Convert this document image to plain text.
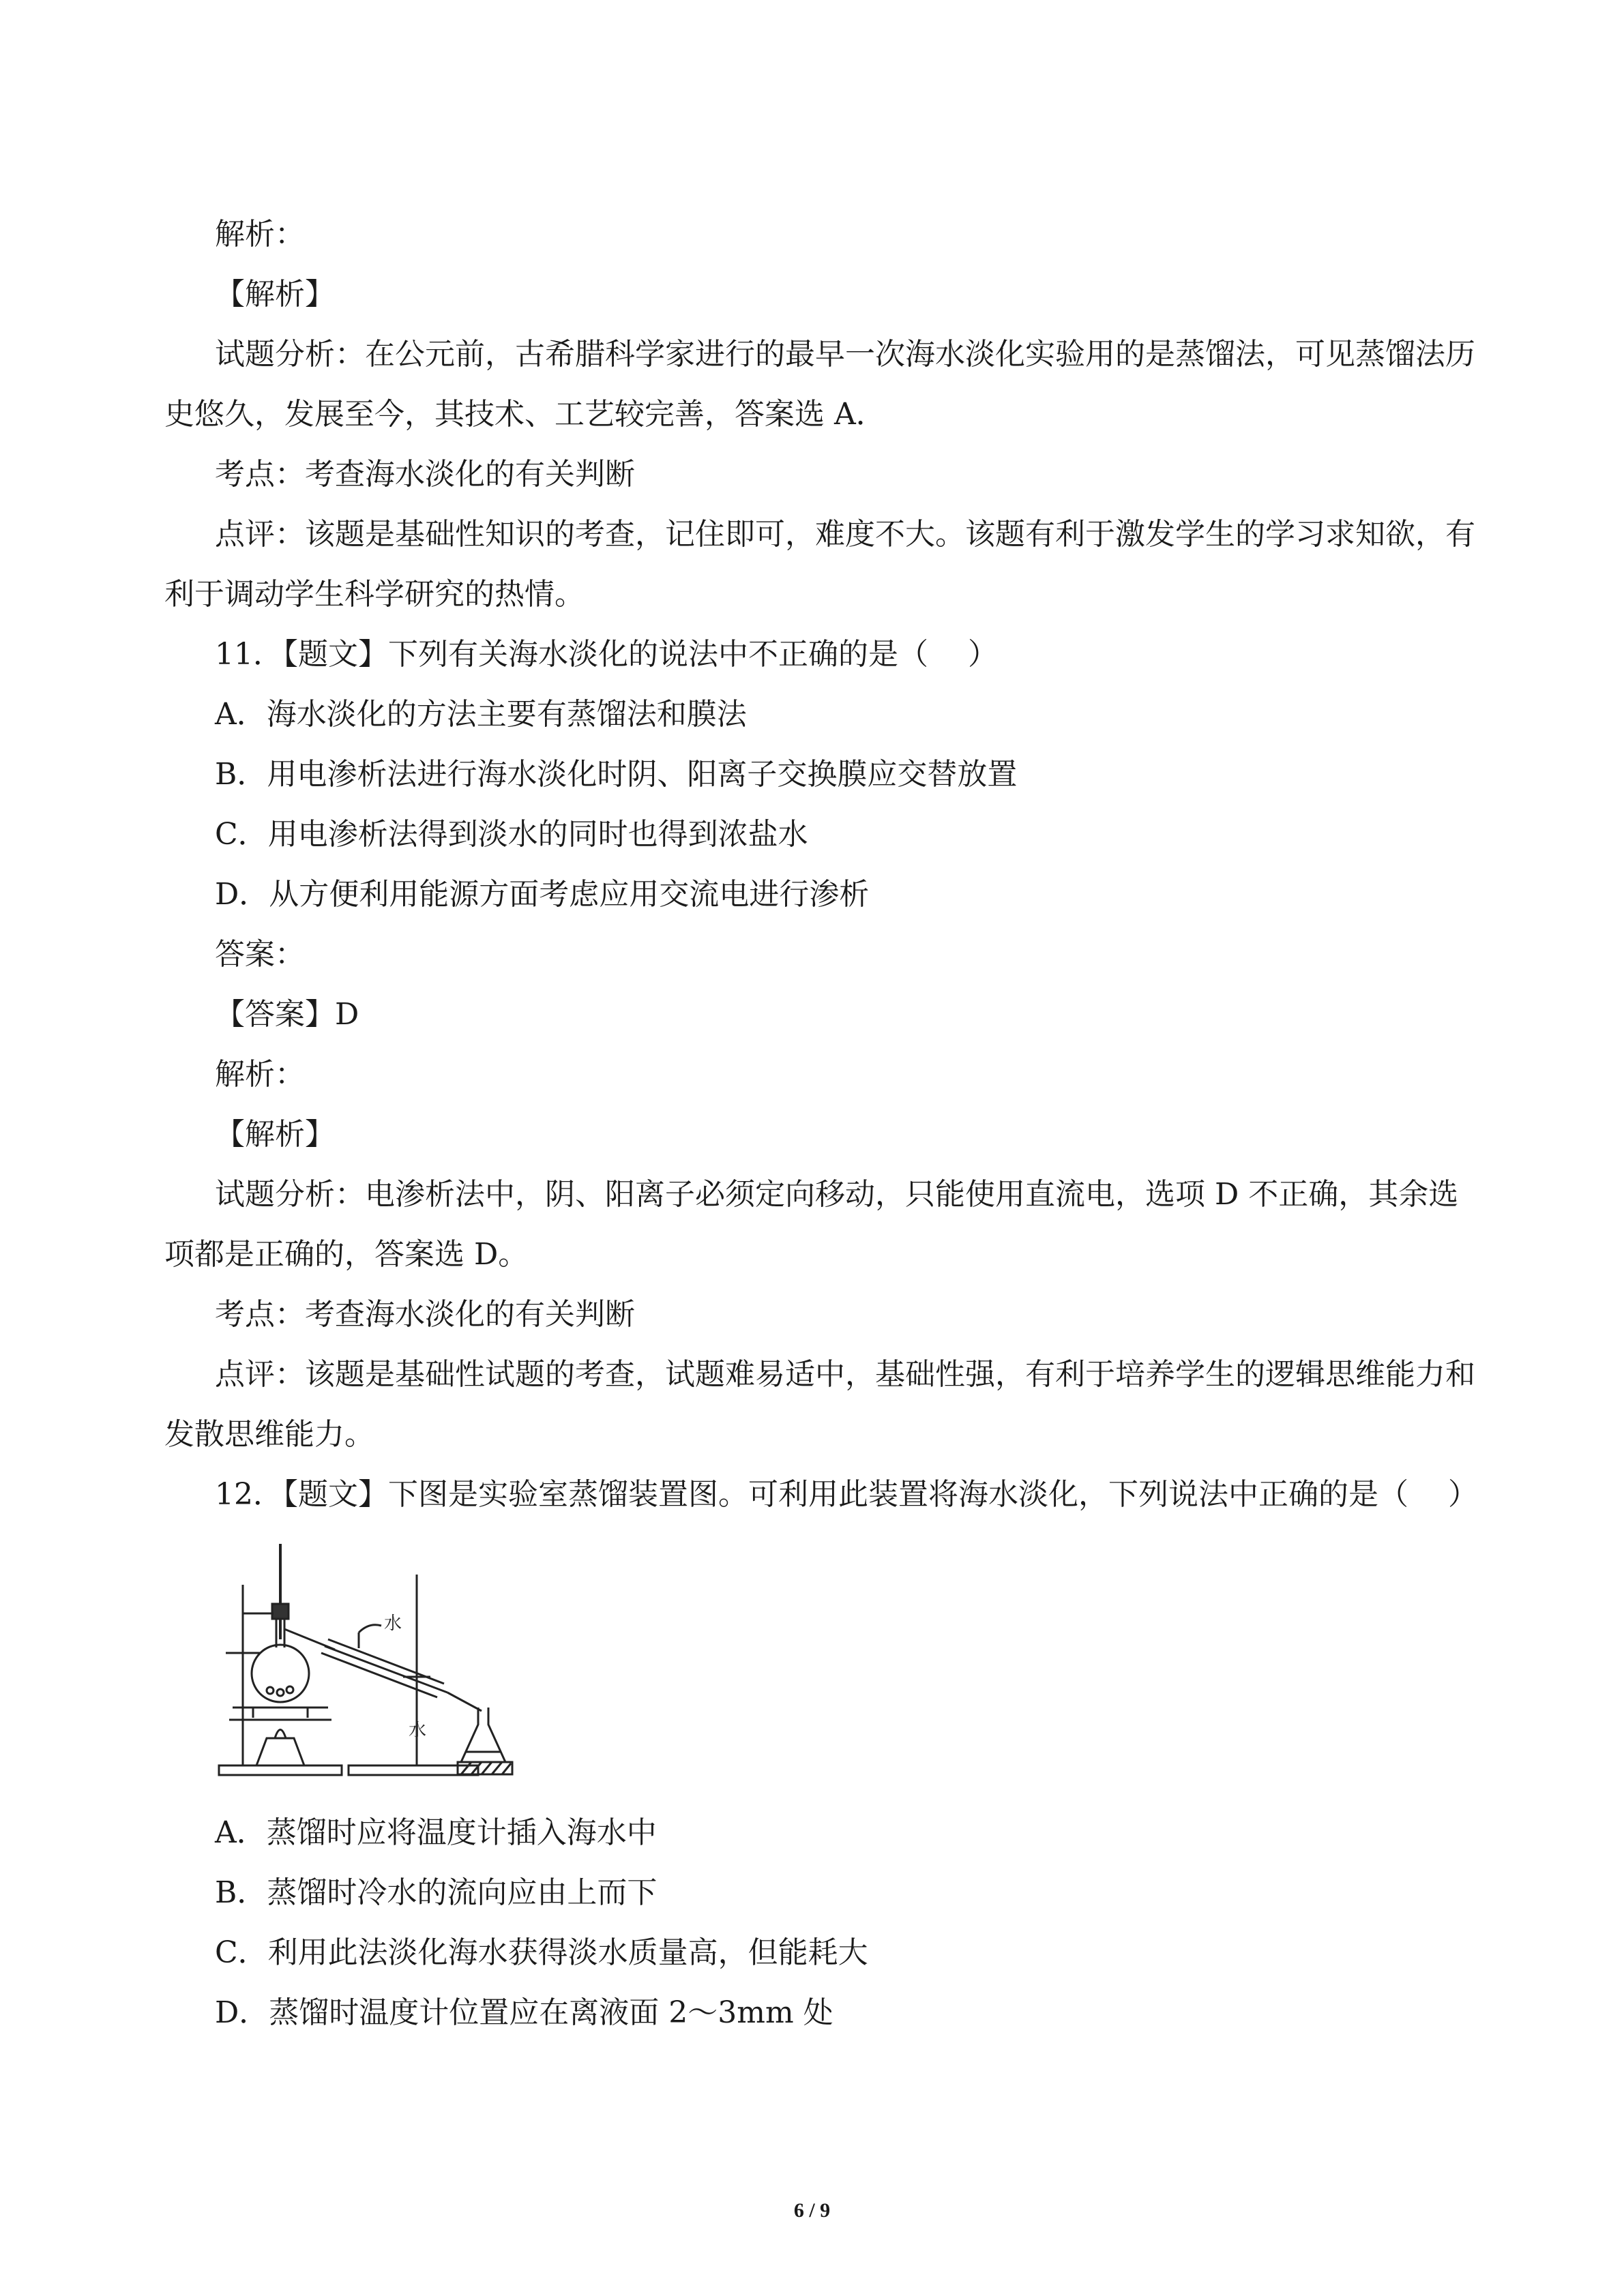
解析：

【解析】

试题分析：在公元前，古希腊科学家进行的最早一次海水淡化实验用的是蒸馏法，可见蒸馏法历史悠久，发展至今，其技术、工艺较完善，答案选 A．

考点：考查海水淡化的有关判断

点评：该题是基础性知识的考查，记住即可，难度不大。该题有利于激发学生的学习求知欲，有利于调动学生科学研究的热情。

11．【题文】下列有关海水淡化的说法中不正确的是（　 ）

A．海水淡化的方法主要有蒸馏法和膜法

B．用电渗析法进行海水淡化时阴、阳离子交换膜应交替放置

C．用电渗析法得到淡水的同时也得到浓盐水

D．从方便利用能源方面考虑应用交流电进行渗析

答案：

【答案】D

解析：

【解析】

试题分析：电渗析法中，阴、阳离子必须定向移动，只能使用直流电，选项 D 不正确，其余选项都是正确的，答案选 D。

考点：考查海水淡化的有关判断

点评：该题是基础性试题的考查，试题难易适中，基础性强，有利于培养学生的逻辑思维能力和发散思维能力。

12．【题文】下图是实验室蒸馏装置图。可利用此装置将海水淡化，下列说法中正确的是（　 ）

水
水

A．蒸馏时应将温度计插入海水中

B．蒸馏时冷水的流向应由上而下

C．利用此法淡化海水获得淡水质量高，但能耗大

D．蒸馏时温度计位置应在离液面 2～3mm 处

6 / 9
